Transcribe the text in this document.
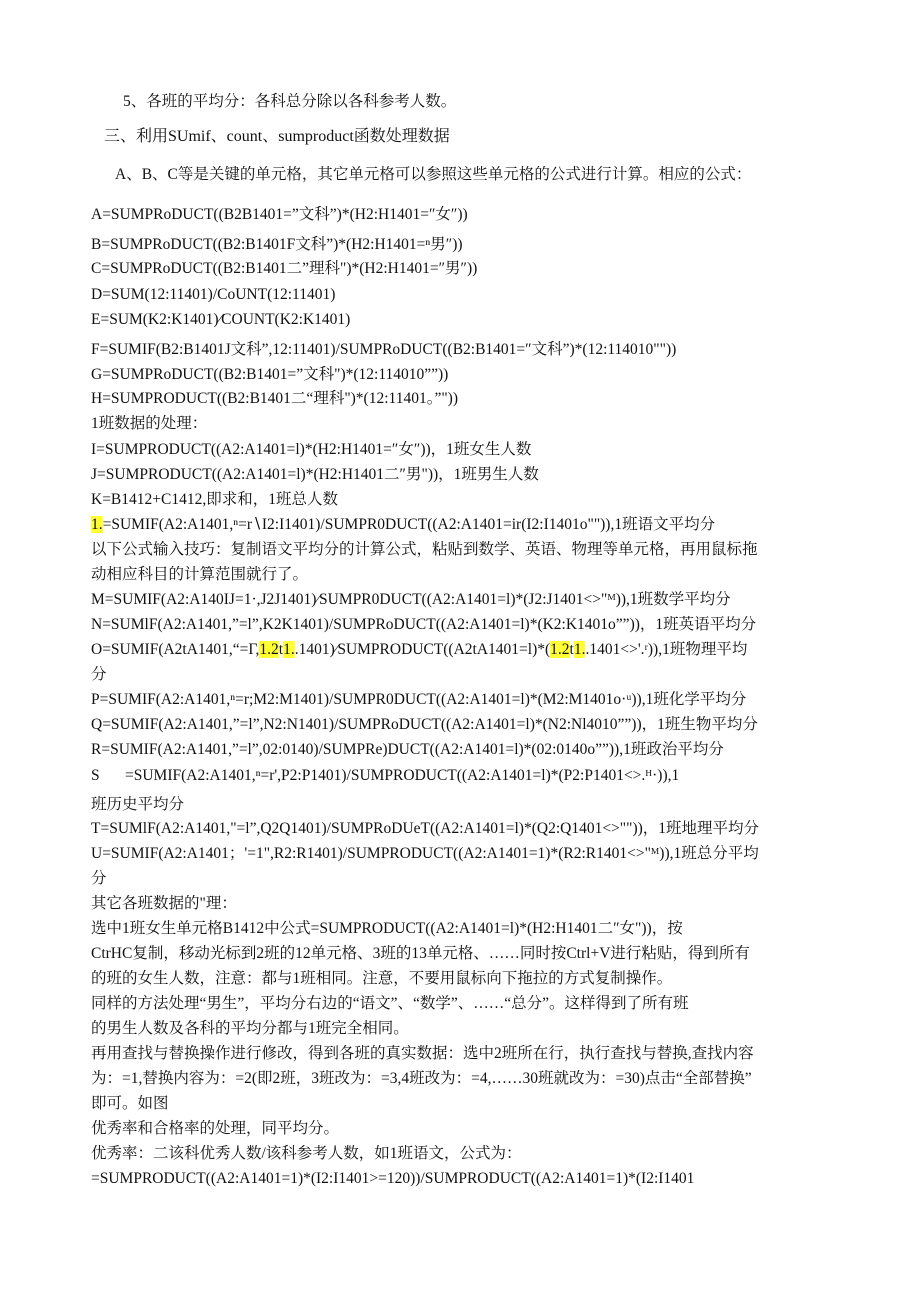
5、各班的平均分：各科总分除以各科参考人数。
三、利用SUmif、count、sumproduct函数处理数据
A、B、C等是关键的单元格，其它单元格可以参照这些单元格的公式进行计算。相应的公式：
A=SUMPRoDUCT((B2B1401=”文科”)*(H2:H1401=″女″))
B=SUMPRoDUCT((B2:B1401F文科”)*(H2:H1401=ⁿ男″))
C=SUMPRoDUCT((B2:B1401二”理科")*(H2:H1401=″男″))
D=SUM(12:11401)/CoUNT(12:11401)
E=SUM(K2:K1401)∕COUNT(K2:K1401)
F=SUMIF(B2:B1401J文科”,12:11401)/SUMPRoDUCT((B2:B1401=″文科”)*(12:114010""))
G=SUMPRoDUCT((B2:B1401=”文科")*(12:114010””))
H=SUMPRODUCT((B2:B1401二“理科")*(12:11401。”"))
1班数据的处理：
I=SUMPRODUCT((A2:A1401=l)*(H2:H1401=″女″))，1班女生人数
J=SUMPRODUCT((A2:A1401=l)*(H2:H1401二″男"))，1班男生人数
K=B1412+C1412,即求和，1班总人数
1.=SUMIF(A2:A1401,ⁿ=r∖I2:I1401)/SUMPR0DUCT((A2:A1401=ir(I2:I1401o"")),1班语文平均分
以下公式输入技巧：复制语文平均分的计算公式，粘贴到数学、英语、物理等单元格，再用鼠标拖
动相应科目的计算范围就行了。
M=SUMIF(A2:A140IJ=1·,J2J1401)∕SUMPR0DUCT((A2:A1401=l)*(J2:J1401<>"ᴹ)),1班数学平均分
N=SUMlF(A2:A1401,”=l”,K2K1401)/SUMPRoDUCT((A2:A1401=l)*(K2:K1401o””))，1班英语平均分
O=SUMIF(A2tA1401,“=Γ,1.2t1..1401)∕SUMPRODUCT((A2tA1401=l)*(1.2t1..1401<>'.ʳ)),1班物理平均
分
P=SUMIF(A2:A1401,ⁿ=r;M2:M1401)/SUMPR0DUCT((A2:A1401=l)*(M2:M1401o·ᵘ)),1班化学平均分
Q=SUMIF(A2:A1401,”=l”,N2:N1401)/SUMPRoDUCT((A2:A1401=l)*(N2:Nl4010””))，1班生物平均分
R=SUMIF(A2:A1401,”=l”,02:0140)/SUMPRe)DUCT((A2:A1401=l)*(02:0140o””)),1班政治平均分
S =SUMIF(A2:A1401,ⁿ=r',P2:P1401)/SUMPRODUCT((A2:A1401=l)*(P2:P1401<>.ᴴ·)),1
班历史平均分
T=SUMlF(A2:A1401,"=l”,Q2Q1401)/SUMPRoDUeT((A2:A1401=l)*(Q2:Q1401<>""))，1班地理平均分
U=SUMIF(A2:A1401；'=1",R2:R1401)/SUMPRODUCT((A2:A1401=1)*(R2:R1401<>"ᴹ)),1班总分平均
分
其它各班数据的"理：
选中1班女生单元格B1412中公式=SUMPRODUCT((A2:A1401=l)*(H2:H1401二″女"))，按
CtrHC复制，移动光标到2班的12单元格、3班的13单元格、……同时按Ctrl+V进行粘贴，得到所有
的班的女生人数，注意：都与1班相同。注意，不要用鼠标向下拖拉的方式复制操作。
同样的方法处理“男生”，平均分右边的“语文”、“数学”、……“总分”。这样得到了所有班
的男生人数及各科的平均分都与1班完全相同。
再用查找与替换操作进行修改，得到各班的真实数据：选中2班所在行，执行查找与替换,查找内容
为：=1,替换内容为：=2(即2班，3班改为：=3,4班改为：=4,……30班就改为：=30)点击“全部替换”
即可。如图
优秀率和合格率的处理，同平均分。
优秀率：二该科优秀人数/该科参考人数，如1班语文，公式为：
=SUMPRODUCT((A2:A1401=1)*(I2:I1401>=120))/SUMPRODUCT((A2:A1401=1)*(I2:I1401
